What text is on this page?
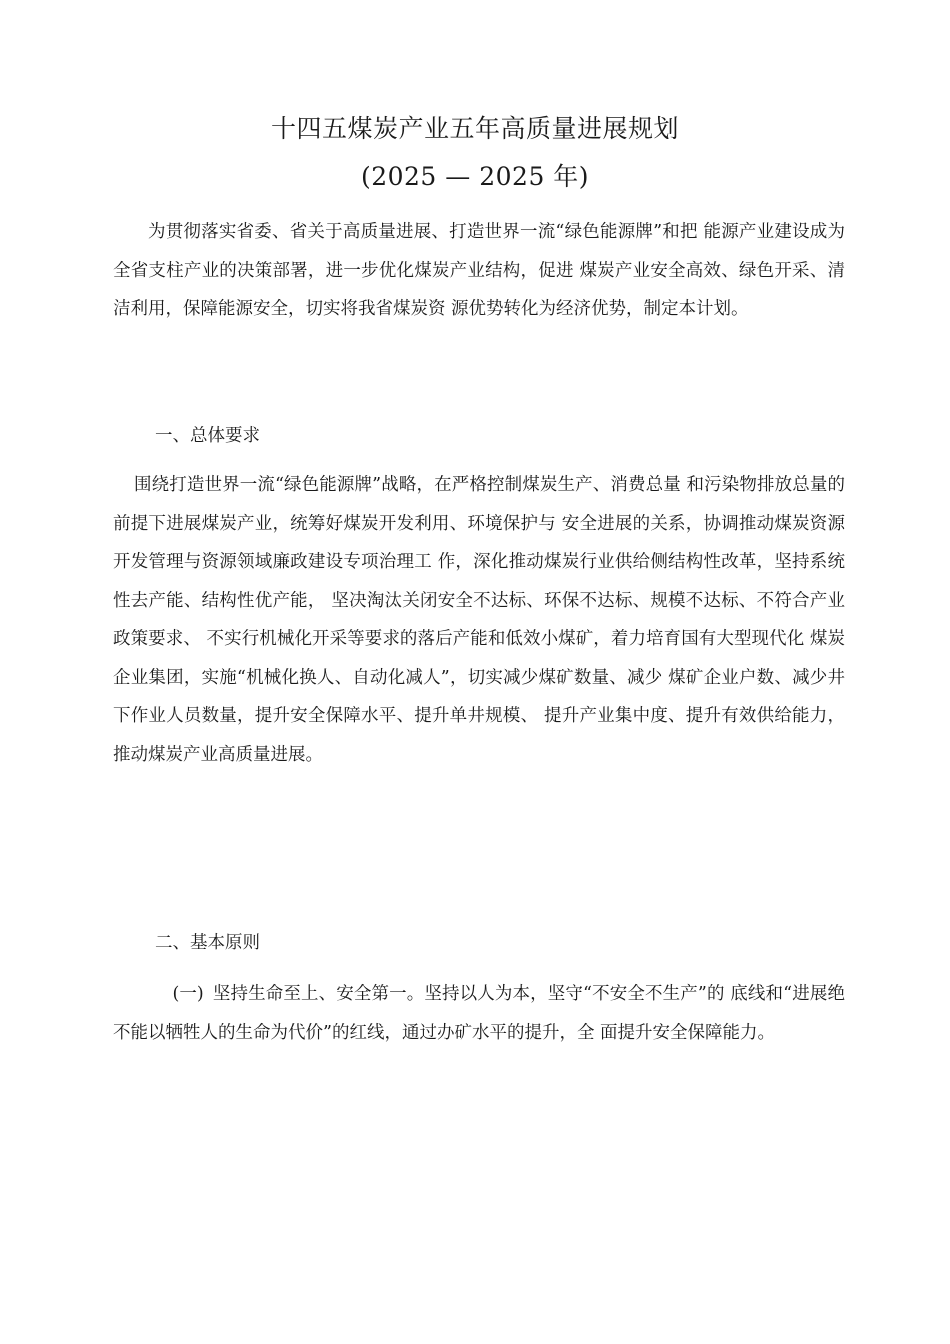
十四五煤炭产业五年高质量进展规划
(2025 — 2025 年)

为贯彻落实省委、省关于高质量进展、打造世界一流“绿色能源牌”和把 能源产业建设成为全省支柱产业的决策部署，进一步优化煤炭产业结构，促进 煤炭产业安全高效、绿色开采、清洁利用，保障能源安全，切实将我省煤炭资 源优势转化为经济优势，制定本计划。

一、总体要求

围绕打造世界一流“绿色能源牌”战略，在严格控制煤炭生产、消费总量 和污染物排放总量的前提下进展煤炭产业，统筹好煤炭开发利用、环境保护与 安全进展的关系，协调推动煤炭资源开发管理与资源领域廉政建设专项治理工 作，深化推动煤炭行业供给侧结构性改革，坚持系统性去产能、结构性优产能， 坚决淘汰关闭安全不达标、环保不达标、规模不达标、不符合产业政策要求、 不实行机械化开采等要求的落后产能和低效小煤矿，着力培育国有大型现代化 煤炭企业集团，实施“机械化换人、自动化减人”，切实减少煤矿数量、减少 煤矿企业户数、减少井下作业人员数量，提升安全保障水平、提升单井规模、 提升产业集中度、提升有效供给能力，推动煤炭产业高质量进展。

二、基本原则

(一) 坚持生命至上、安全第一。坚持以人为本，坚守“不安全不生产”的 底线和“进展绝不能以牺牲人的生命为代价”的红线，通过办矿水平的提升，全 面提升安全保障能力。
